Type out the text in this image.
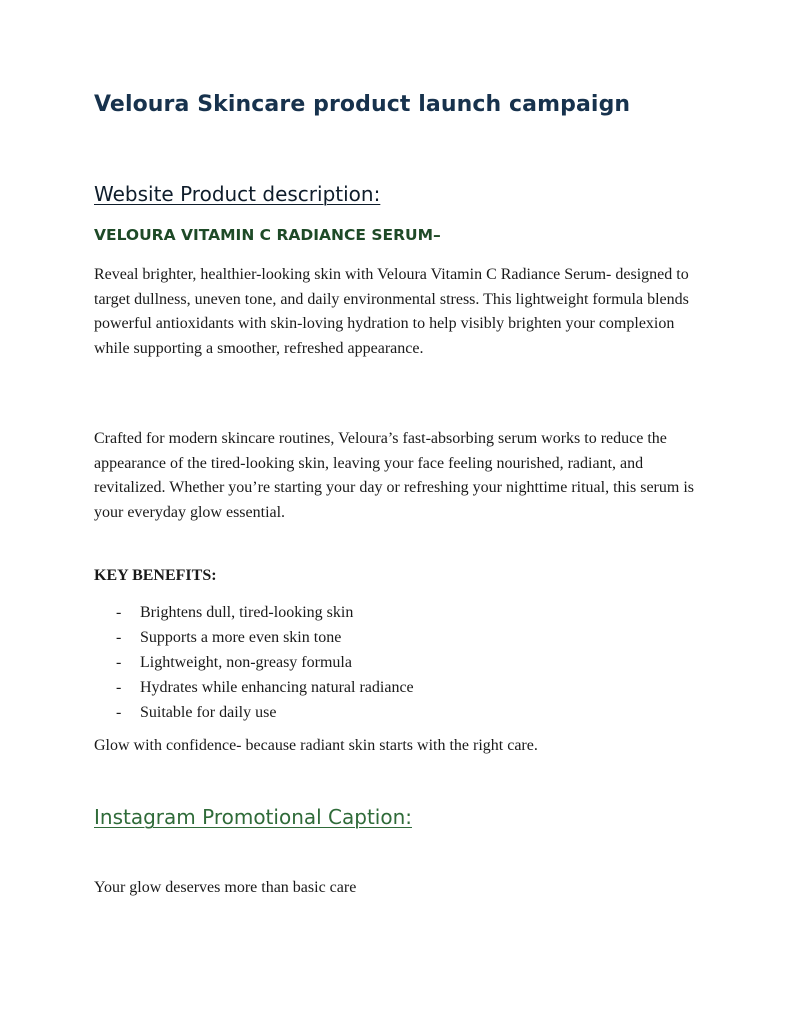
Veloura Skincare product launch campaign
Website Product description:
VELOURA VITAMIN C RADIANCE SERUM–

Reveal brighter, healthier-looking skin with Veloura Vitamin C Radiance Serum- designed to target dullness, uneven tone, and daily environmental stress. This lightweight formula blends powerful antioxidants with skin-loving hydration to help visibly brighten your complexion while supporting a smoother, refreshed appearance.

Crafted for modern skincare routines, Veloura’s fast-absorbing serum works to reduce the appearance of the tired-looking skin, leaving your face feeling nourished, radiant, and revitalized. Whether you’re starting your day or refreshing your nighttime ritual, this serum is your everyday glow essential.

KEY BENEFITS:
- Brightens dull, tired-looking skin
- Supports a more even skin tone
- Lightweight, non-greasy formula
- Hydrates while enhancing natural radiance
- Suitable for daily use

Glow with confidence- because radiant skin starts with the right care.

Instagram Promotional Caption:

Your glow deserves more than basic care
